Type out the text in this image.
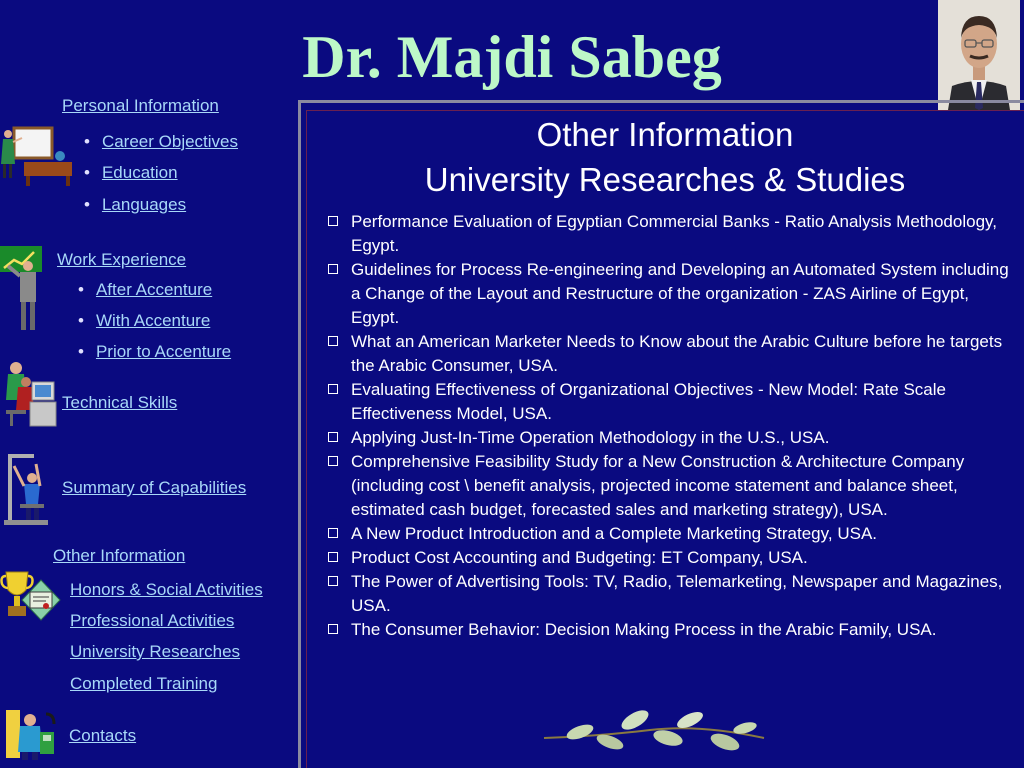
Dr. Majdi Sabeg
Personal Information
• Career Objectives
• Education
• Languages
Work Experience
• After Accenture
• With Accenture
• Prior to Accenture
Technical Skills
Summary of Capabilities
Other Information
Honors & Social Activities
Professional Activities
University Researches
Completed Training
Contacts
Other Information
University Researches & Studies
Performance Evaluation of Egyptian Commercial Banks - Ratio Analysis Methodology, Egypt.
Guidelines for Process Re-engineering and Developing an Automated System including a Change of the Layout and Restructure of the organization - ZAS Airline of Egypt, Egypt.
What an American Marketer Needs to Know about the Arabic Culture before he targets the Arabic Consumer, USA.
Evaluating Effectiveness of Organizational Objectives - New Model: Rate Scale Effectiveness Model, USA.
Applying Just-In-Time Operation Methodology in the U.S., USA.
Comprehensive Feasibility Study for a New Construction & Architecture Company (including cost \ benefit analysis, projected income statement and balance sheet, estimated cash budget, forecasted sales and marketing strategy), USA.
A New Product Introduction and a Complete Marketing Strategy, USA.
Product Cost Accounting and Budgeting: ET Company, USA.
The Power of Advertising Tools: TV, Radio, Telemarketing, Newspaper and Magazines, USA.
The Consumer Behavior: Decision Making Process in the Arabic Family, USA.
